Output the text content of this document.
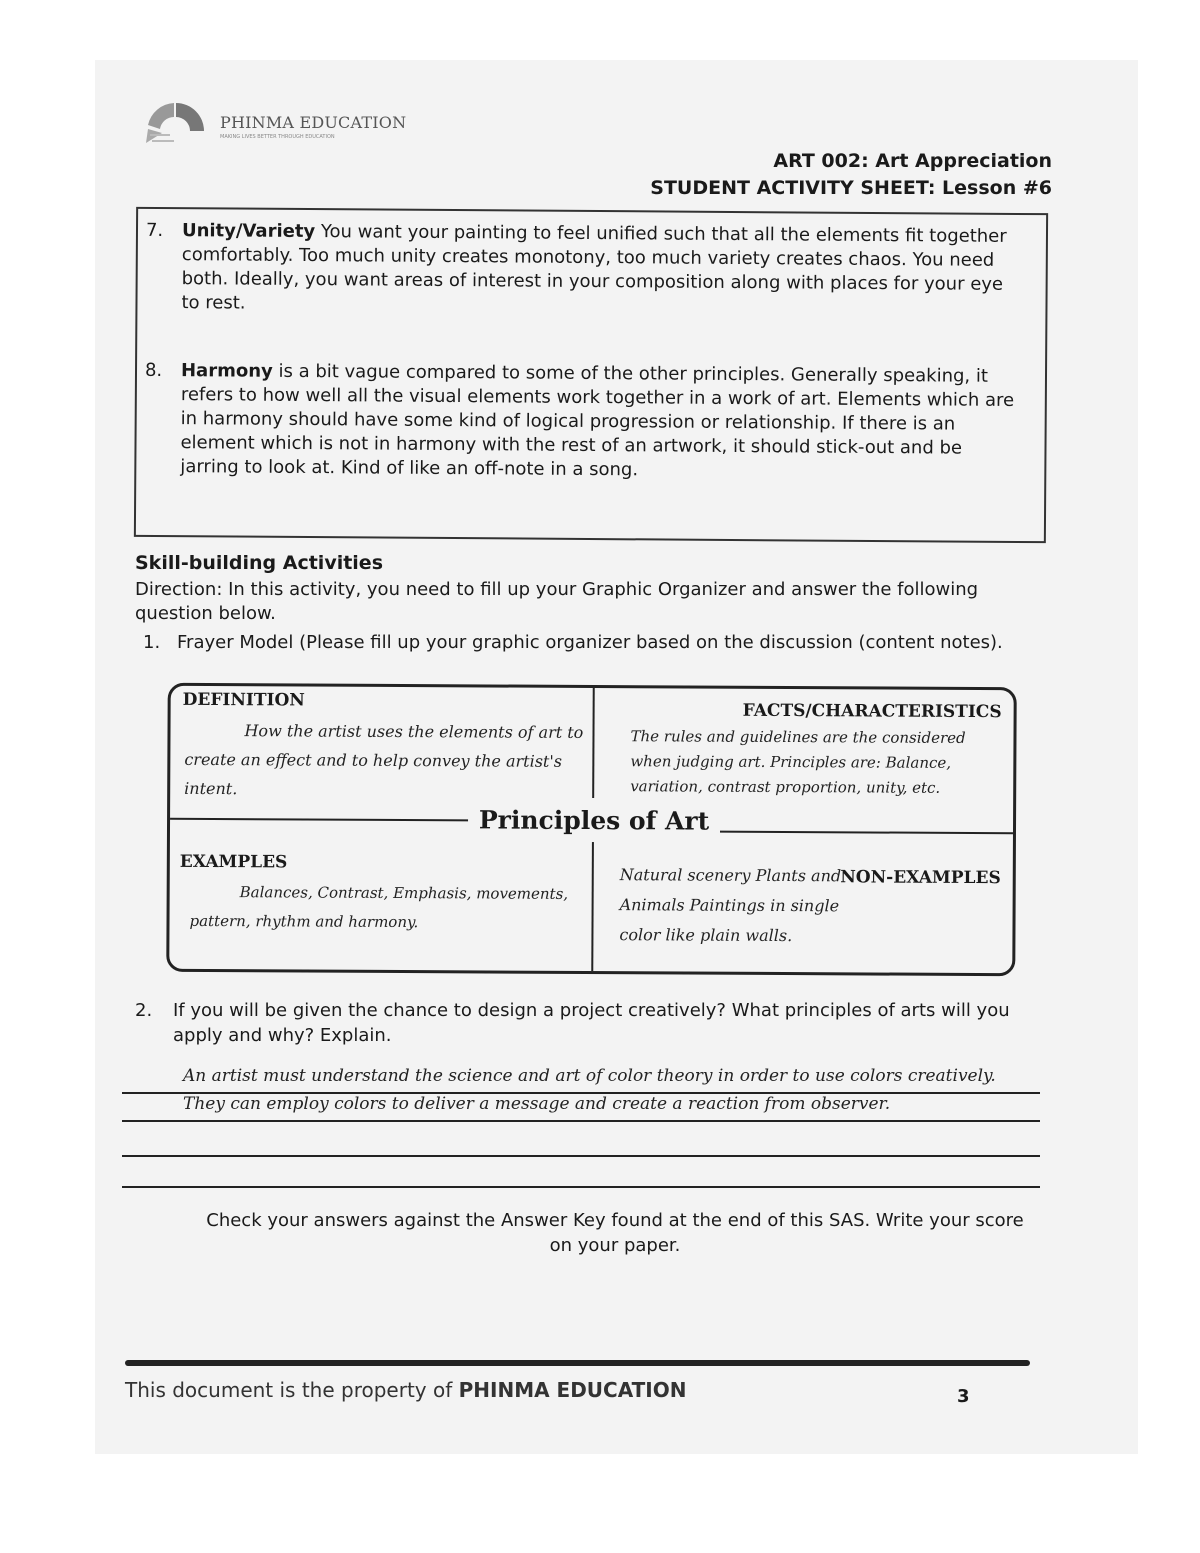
PHINMA EDUCATION
MAKING LIVES BETTER THROUGH EDUCATION
ART 002: Art Appreciation
STUDENT ACTIVITY SHEET: Lesson #6
7. Unity/Variety You want your painting to feel unified such that all the elements fit together comfortably. Too much unity creates monotony, too much variety creates chaos. You need both. Ideally, you want areas of interest in your composition along with places for your eye to rest.
8. Harmony is a bit vague compared to some of the other principles. Generally speaking, it refers to how well all the visual elements work together in a work of art. Elements which are in harmony should have some kind of logical progression or relationship. If there is an element which is not in harmony with the rest of an artwork, it should stick-out and be jarring to look at. Kind of like an off-note in a song.
Skill-building Activities
Direction: In this activity, you need to fill up your Graphic Organizer and answer the following question below.
1. Frayer Model (Please fill up your graphic organizer based on the discussion (content notes).
Principles of Art
DEFINITION
How the artist uses the elements of art to create an effect and to help convey the artist's intent.
FACTS/CHARACTERISTICS
The rules and guidelines are the considered when judging art. Principles are: Balance, variation, contrast proportion, unity, etc.
EXAMPLES
Balances, Contrast, Emphasis, movements, pattern, rhythm and harmony.
NON-EXAMPLES
Natural scenery Plants and Animals Paintings in single color like plain walls.
2.	If you will be given the chance to design a project creatively? What principles of arts will you apply and why? Explain.
An artist must understand the science and art of color theory in order to use colors creatively. They can employ colors to deliver a message and create a reaction from observer.
Check your answers against the Answer Key found at the end of this SAS. Write your score on your paper.
This document is the property of PHINMA EDUCATION	3
